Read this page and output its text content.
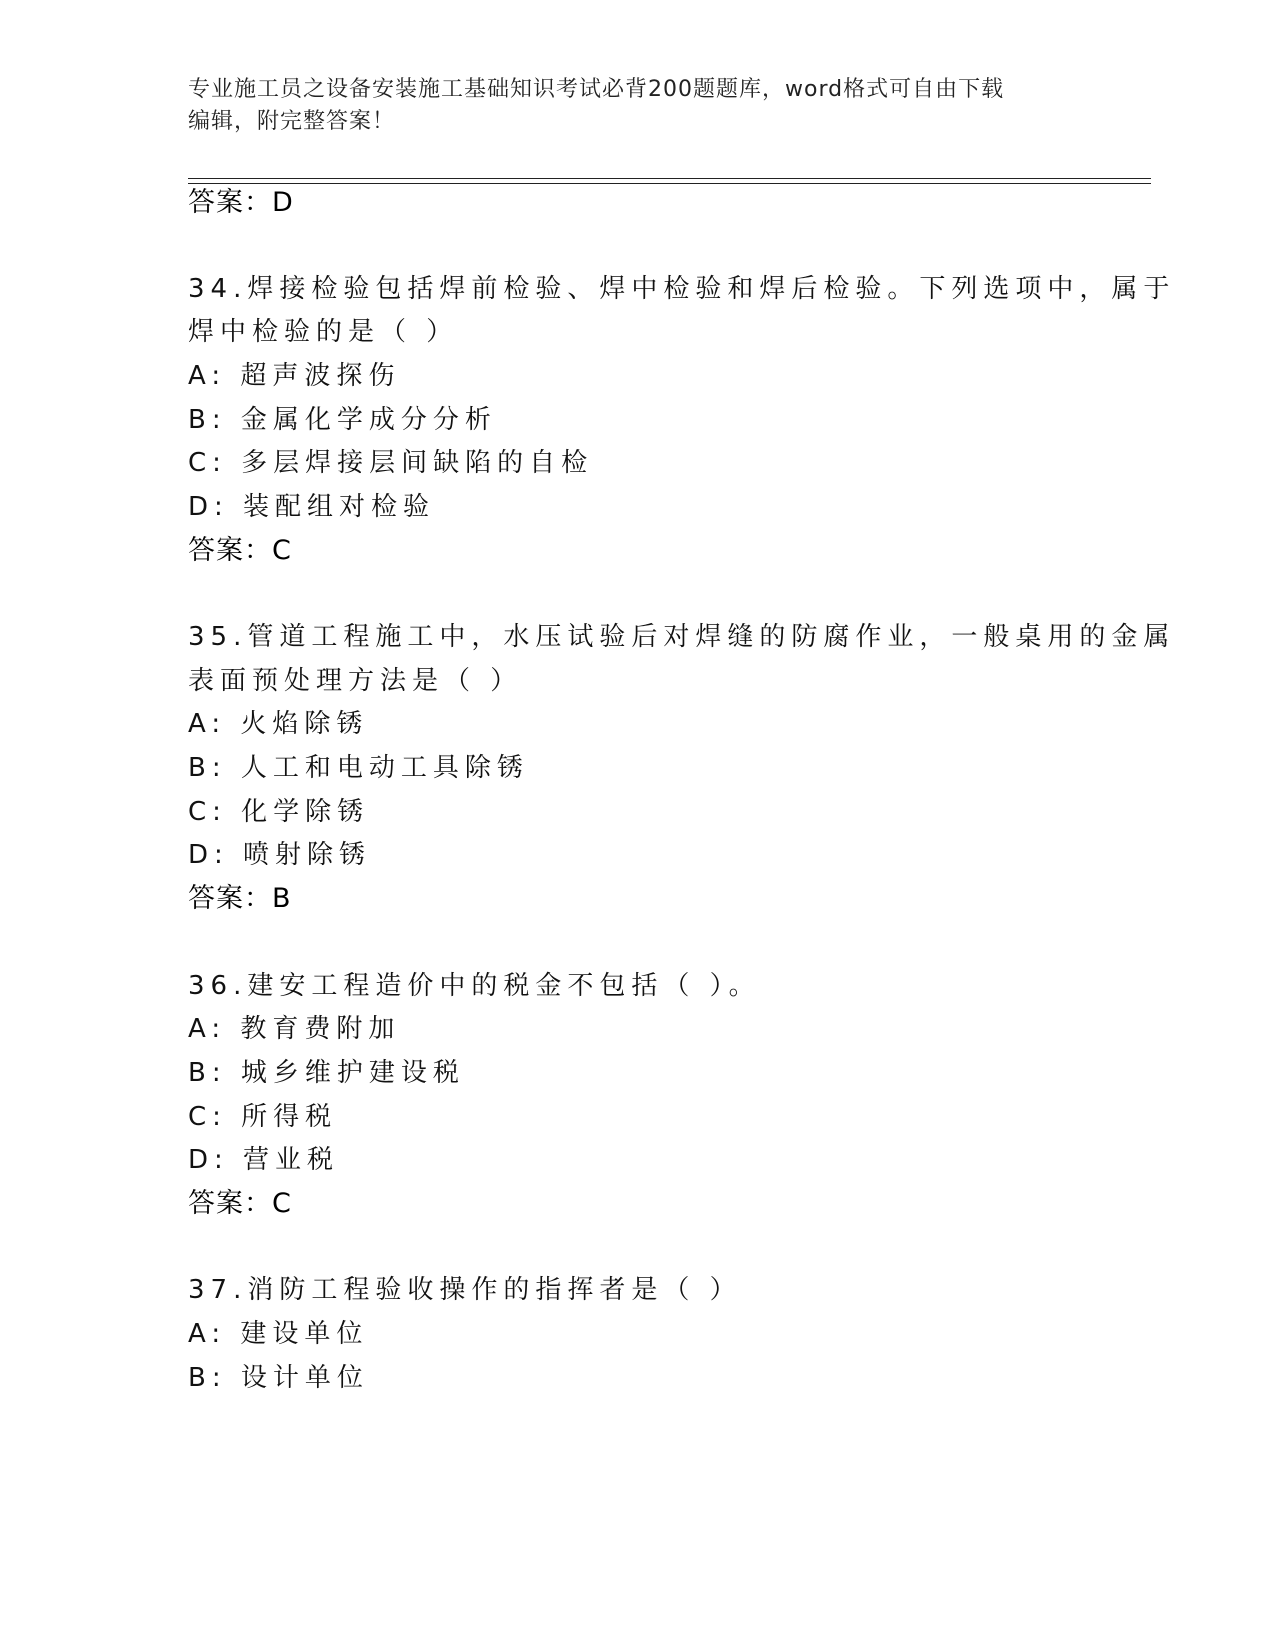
专业施工员之设备安装施工基础知识考试必背200题题库，word格式可自由下载
编辑，附完整答案！
答案：D
34.焊接检验包括焊前检验、焊中检验和焊后检验。下列选项中，属于
焊中检验的是（ ）
A: 超声波探伤
B: 金属化学成分分析
C: 多层焊接层间缺陷的自检
D: 装配组对检验
答案：C
35.管道工程施工中，水压试验后对焊缝的防腐作业，一般桌用的金属
表面预处理方法是（ ）
A: 火焰除锈
B: 人工和电动工具除锈
C: 化学除锈
D: 喷射除锈
答案：B
36.建安工程造价中的税金不包括（ ）。
A: 教育费附加
B: 城乡维护建设税
C: 所得税
D: 营业税
答案：C
37.消防工程验收操作的指挥者是（ ）
A: 建设单位
B: 设计单位
